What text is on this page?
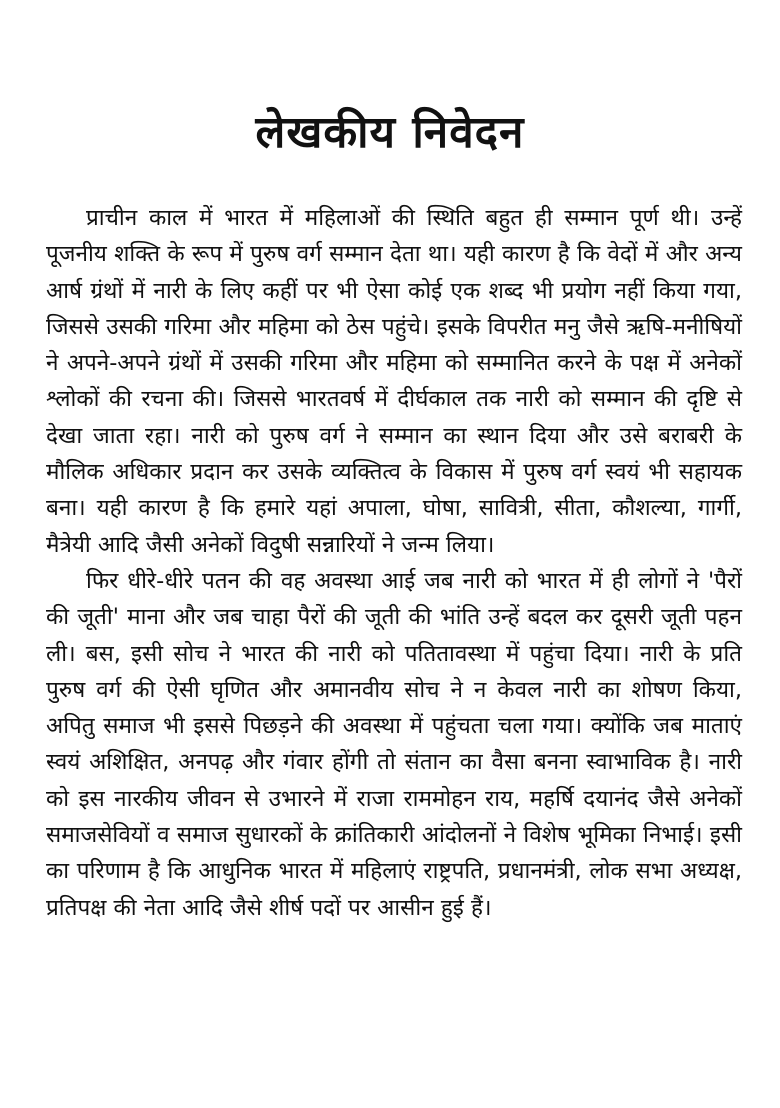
लेखकीय निवेदन

प्राचीन काल में भारत में महिलाओं की स्थिति बहुत ही सम्मान पूर्ण थी। उन्हें पूजनीय शक्ति के रूप में पुरुष वर्ग सम्मान देता था। यही कारण है कि वेदों में और अन्य आर्ष ग्रंथों में नारी के लिए कहीं पर भी ऐसा कोई एक शब्द भी प्रयोग नहीं किया गया, जिससे उसकी गरिमा और महिमा को ठेस पहुंचे। इसके विपरीत मनु जैसे ऋषि-मनीषियों ने अपने-अपने ग्रंथों में उसकी गरिमा और महिमा को सम्मानित करने के पक्ष में अनेकों श्लोकों की रचना की। जिससे भारतवर्ष में दीर्घकाल तक नारी को सम्मान की दृष्टि से देखा जाता रहा। नारी को पुरुष वर्ग ने सम्मान का स्थान दिया और उसे बराबरी के मौलिक अधिकार प्रदान कर उसके व्यक्तित्व के विकास में पुरुष वर्ग स्वयं भी सहायक बना। यही कारण है कि हमारे यहां अपाला, घोषा, सावित्री, सीता, कौशल्या, गार्गी, मैत्रेयी आदि जैसी अनेकों विदुषी सन्नारियों ने जन्म लिया।

फिर धीरे-धीरे पतन की वह अवस्था आई जब नारी को भारत में ही लोगों ने 'पैरों की जूती' माना और जब चाहा पैरों की जूती की भांति उन्हें बदल कर दूसरी जूती पहन ली। बस, इसी सोच ने भारत की नारी को पतितावस्था में पहुंचा दिया। नारी के प्रति पुरुष वर्ग की ऐसी घृणित और अमानवीय सोच ने न केवल नारी का शोषण किया, अपितु समाज भी इससे पिछड़ने की अवस्था में पहुंचता चला गया। क्योंकि जब माताएं स्वयं अशिक्षित, अनपढ़ और गंवार होंगी तो संतान का वैसा बनना स्वाभाविक है। नारी को इस नारकीय जीवन से उभारने में राजा राममोहन राय, महर्षि दयानंद जैसे अनेकों समाजसेवियों व समाज सुधारकों के क्रांतिकारी आंदोलनों ने विशेष भूमिका निभाई। इसी का परिणाम है कि आधुनिक भारत में महिलाएं राष्ट्रपति, प्रधानमंत्री, लोक सभा अध्यक्ष, प्रतिपक्ष की नेता आदि जैसे शीर्ष पदों पर आसीन हुई हैं।
